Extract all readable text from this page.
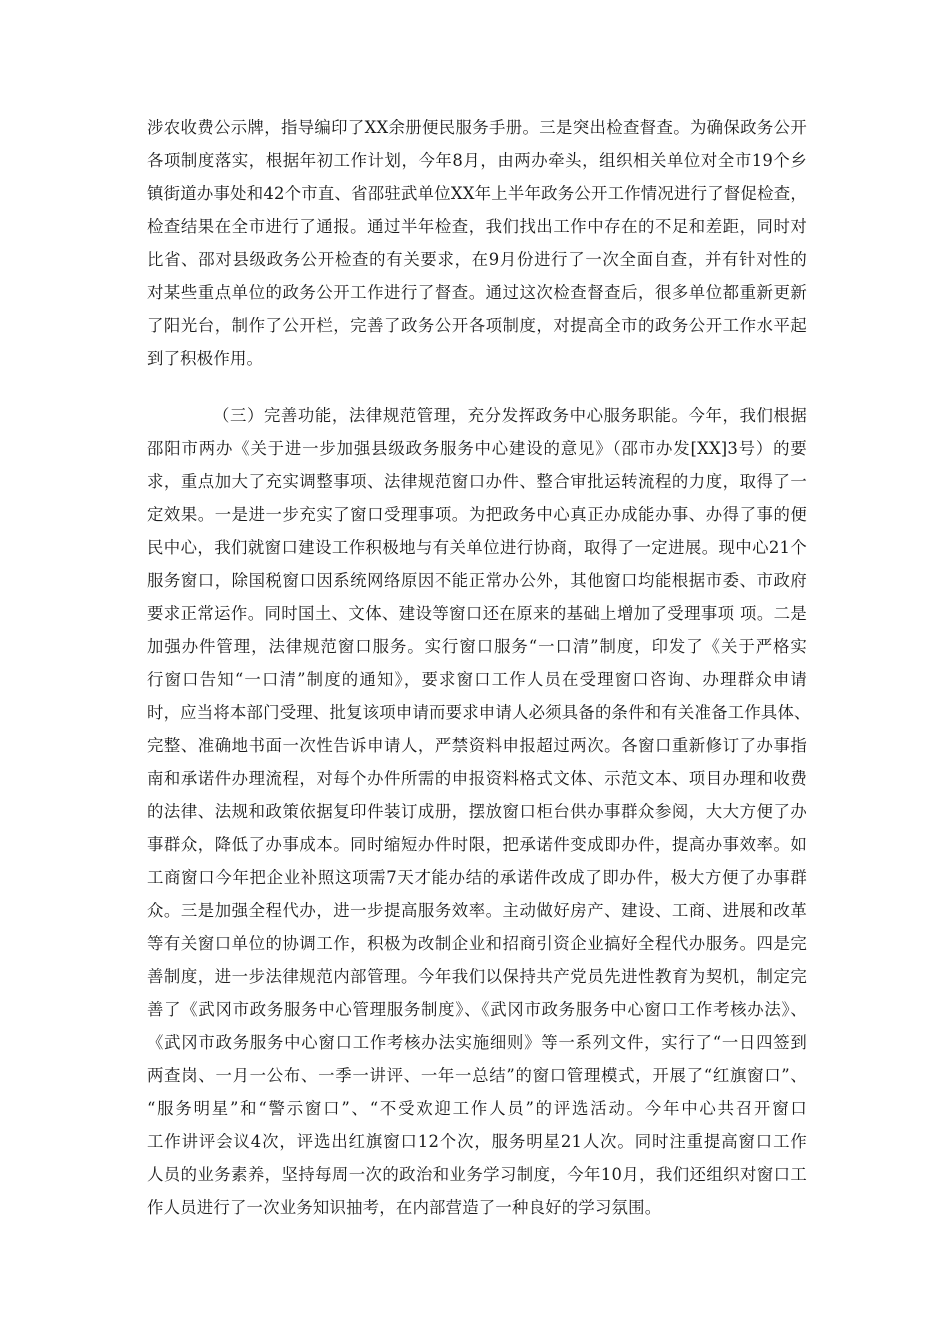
涉农收费公示牌，指导编印了XX余册便民服务手册。三是突出检查督查。为确保政务公开
各项制度落实，根据年初工作计划，今年8月，由两办牵头，组织相关单位对全市19个乡
镇街道办事处和42个市直、省邵驻武单位XX年上半年政务公开工作情况进行了督促检查，
检查结果在全市进行了通报。通过半年检查，我们找出工作中存在的不足和差距，同时对
比省、邵对县级政务公开检查的有关要求，在9月份进行了一次全面自查，并有针对性的
对某些重点单位的政务公开工作进行了督查。通过这次检查督查后，很多单位都重新更新
了阳光台，制作了公开栏，完善了政务公开各项制度，对提高全市的政务公开工作水平起
到了积极作用。
（三）完善功能，法律规范管理，充分发挥政务中心服务职能。今年，我们根据
邵阳市两办《关于进一步加强县级政务服务中心建设的意见》（邵市办发[XX]3号）的要
求，重点加大了充实调整事项、法律规范窗口办件、整合审批运转流程的力度，取得了一
定效果。一是进一步充实了窗口受理事项。为把政务中心真正办成能办事、办得了事的便
民中心，我们就窗口建设工作积极地与有关单位进行协商，取得了一定进展。现中心21个
服务窗口，除国税窗口因系统网络原因不能正常办公外，其他窗口均能根据市委、市政府
要求正常运作。同时国土、文体、建设等窗口还在原来的基础上增加了受理事项 项。二是
加强办件管理，法律规范窗口服务。实行窗口服务“一口清”制度，印发了《关于严格实
行窗口告知“一口清”制度的通知》，要求窗口工作人员在受理窗口咨询、办理群众申请
时，应当将本部门受理、批复该项申请而要求申请人必须具备的条件和有关准备工作具体、
完整、准确地书面一次性告诉申请人，严禁资料申报超过两次。各窗口重新修订了办事指
南和承诺件办理流程，对每个办件所需的申报资料格式文体、示范文本、项目办理和收费
的法律、法规和政策依据复印件装订成册，摆放窗口柜台供办事群众参阅，大大方便了办
事群众，降低了办事成本。同时缩短办件时限，把承诺件变成即办件，提高办事效率。如
工商窗口今年把企业补照这项需7天才能办结的承诺件改成了即办件，极大方便了办事群
众。三是加强全程代办，进一步提高服务效率。主动做好房产、建设、工商、进展和改革
等有关窗口单位的协调工作，积极为改制企业和招商引资企业搞好全程代办服务。四是完
善制度，进一步法律规范内部管理。今年我们以保持共产党员先进性教育为契机，制定完
善了《武冈市政务服务中心管理服务制度》、《武冈市政务服务中心窗口工作考核办法》、
《武冈市政务服务中心窗口工作考核办法实施细则》等一系列文件，实行了“一日四签到
两查岗、一月一公布、一季一讲评、一年一总结”的窗口管理模式，开展了“红旗窗口”、
“服务明星”和“警示窗口”、“不受欢迎工作人员”的评选活动。今年中心共召开窗口
工作讲评会议4次，评选出红旗窗口12个次，服务明星21人次。同时注重提高窗口工作
人员的业务素养，坚持每周一次的政治和业务学习制度，今年10月，我们还组织对窗口工
作人员进行了一次业务知识抽考，在内部营造了一种良好的学习氛围。
